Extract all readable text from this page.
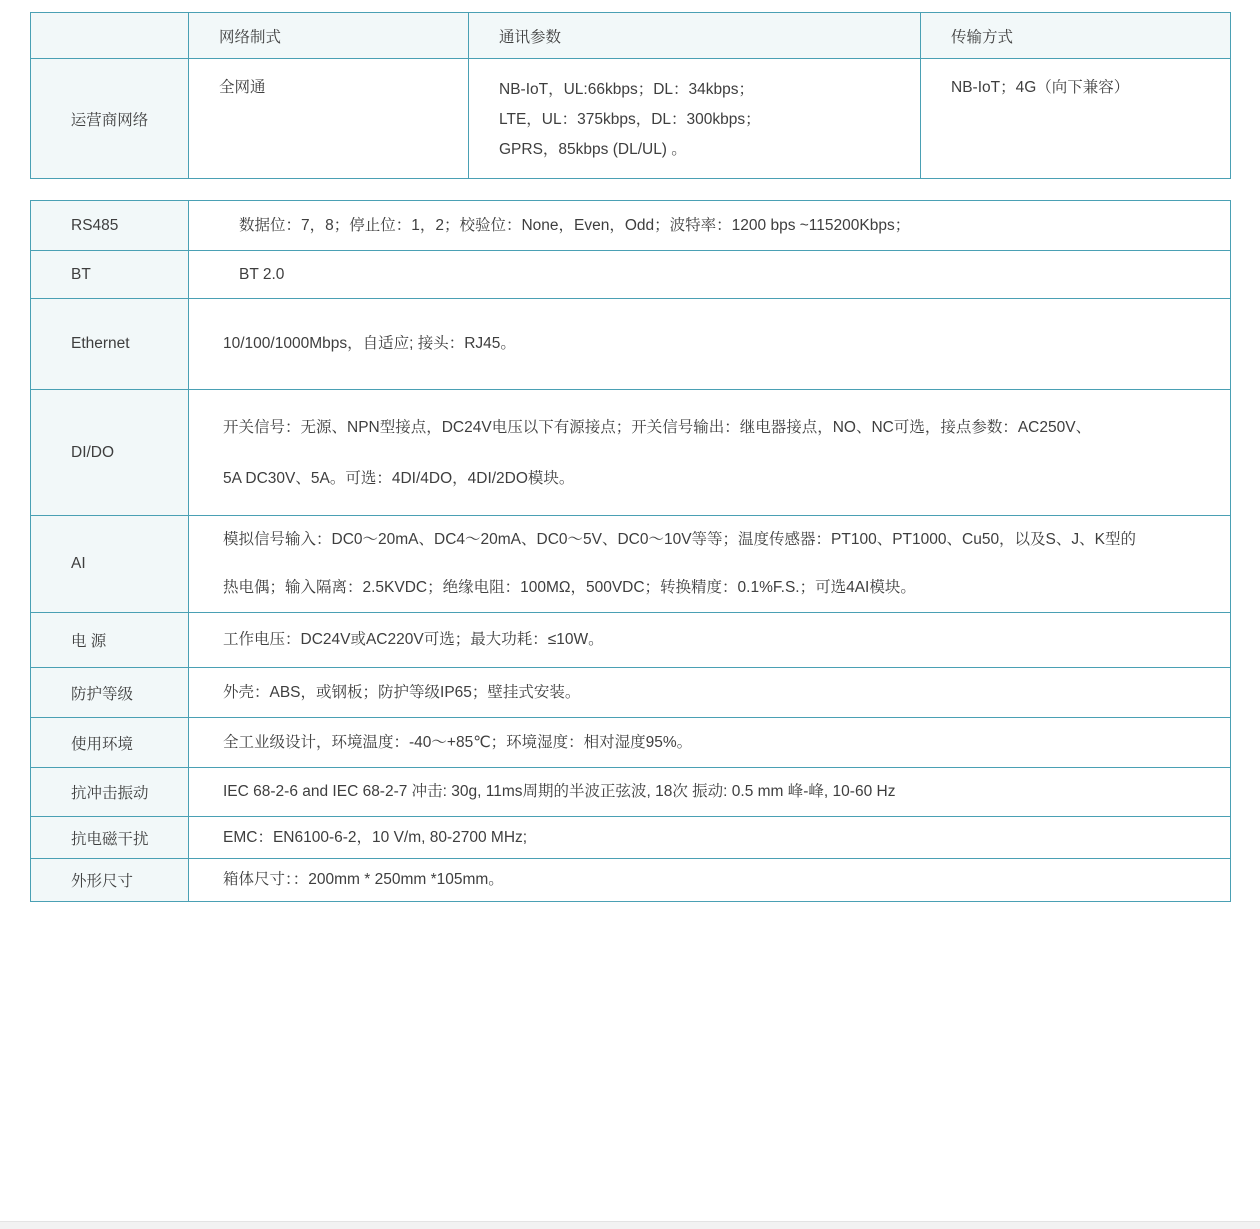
	网络制式	通讯参数	传输方式
运营商网络	全网通	NB-IoT，UL:66kbps；DL：34kbps；
LTE，UL：375kbps，DL：300kbps；
GPRS，85kbps (DL/UL) 。	NB-IoT；4G（向下兼容）
RS485	数据位：7，8；停止位：1，2；校验位：None，Even，Odd；波特率：1200 bps ~115200Kbps；

BT	BT 2.0

Ethernet	10/100/1000Mbps，自适应; 接头：RJ45。

DI/DO	开关信号：无源、NPN型接点，DC24V电压以下有源接点；开关信号输出：继电器接点，NO、NC可选，接点参数：AC250V、
5A DC30V、5A。可选：4DI/4DO，4DI/2DO模块。

AI	模拟信号输入：DC0～20mA、DC4～20mA、DC0～5V、DC0～10V等等；温度传感器：PT100、PT1000、Cu50，以及S、J、K型的
热电偶；输入隔离：2.5KVDC；绝缘电阻：100MΩ，500VDC；转换精度：0.1%F.S.；可选4AI模块。

电 源	工作电压：DC24V或AC220V可选；最大功耗：≤10W。

防护等级	外壳：ABS，或钢板；防护等级IP65；壁挂式安装。

使用环境	全工业级设计，环境温度：-40～+85℃；环境湿度：相对湿度95%。

抗冲击振动	IEC 68-2-6 and IEC 68-2-7 冲击: 30g, 11ms周期的半波正弦波, 18次 振动: 0.5 mm 峰-峰, 10-60 Hz

抗电磁干扰	EMC：EN6100-6-2，10 V/m, 80-2700 MHz;

外形尺寸	箱体尺寸：：200mm * 250mm *105mm。
